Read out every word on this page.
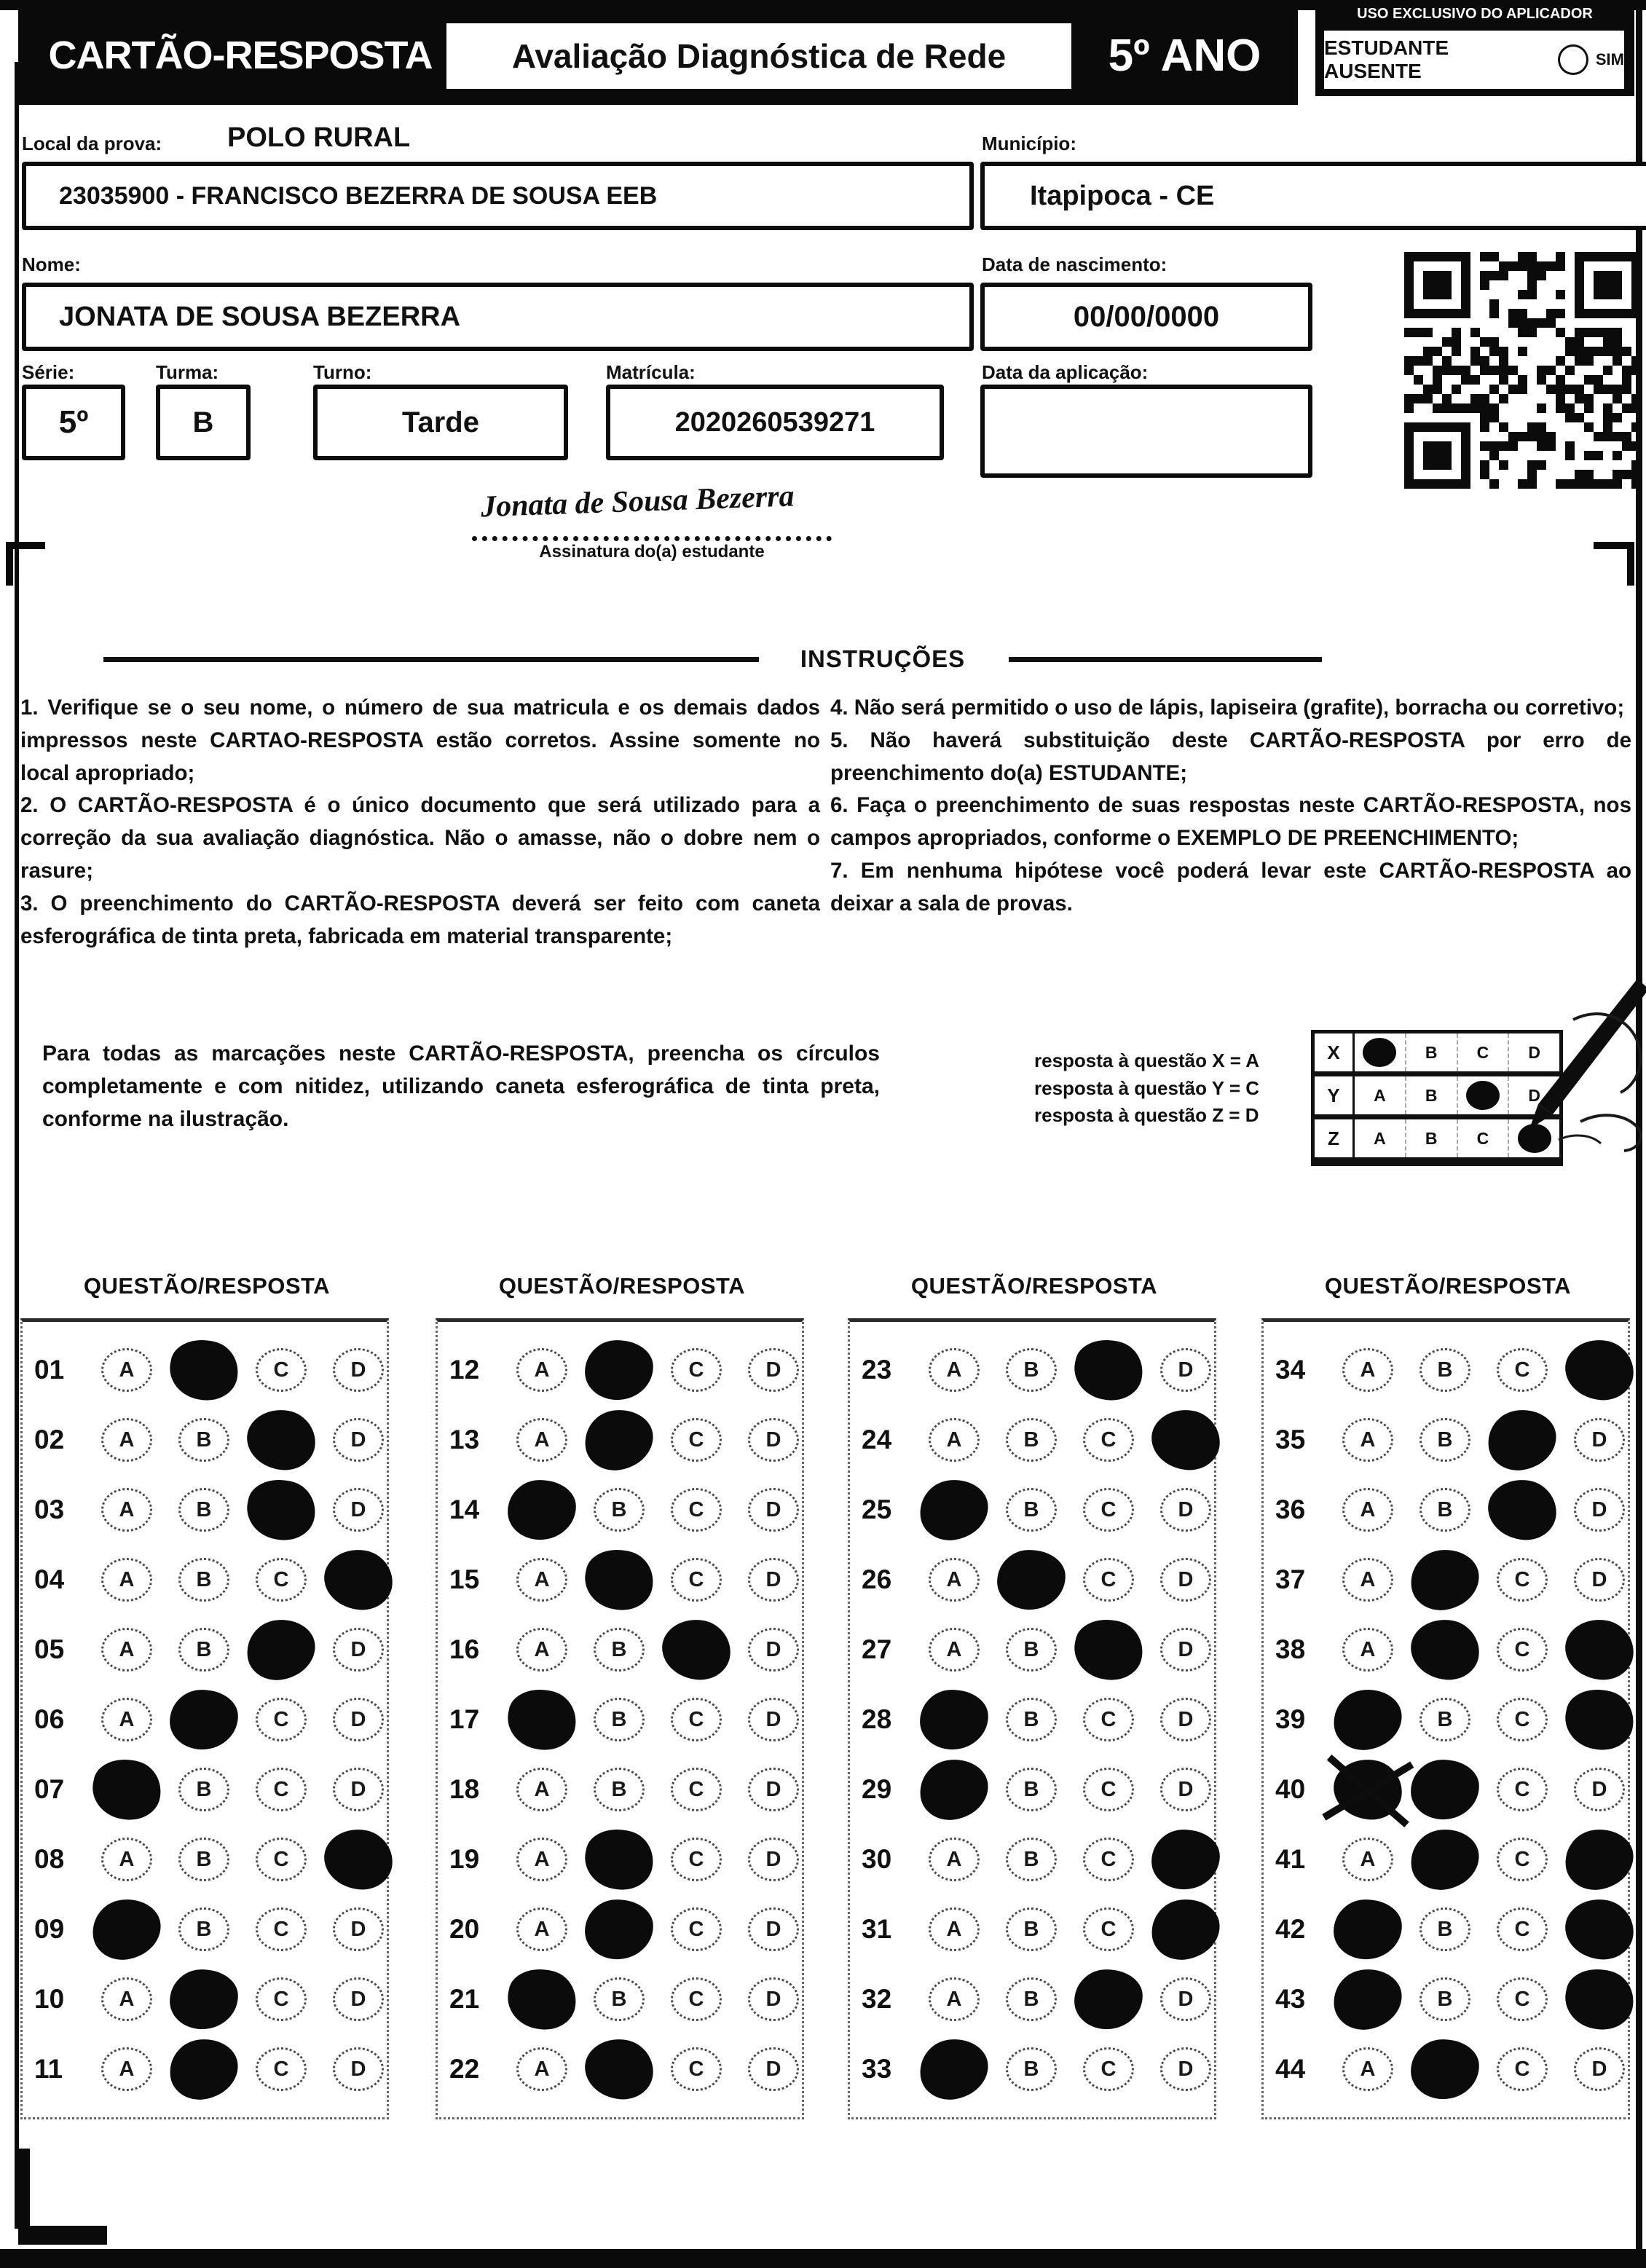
CARTÃO-RESPOSTA	Avaliação Diagnóstica de Rede	5º ANO
USO EXCLUSIVO DO APLICADOR
ESTUDANTE AUSENTE
SIM
Local da prova: POLO RURAL
23035900 - FRANCISCO BEZERRA DE SOUSA EEB
Município:
Itapipoca - CE
Nome:
JONATA DE SOUSA BEZERRA
Data de nascimento:
00/00/0000
Série:
5º
Turma:
B
Turno:
Tarde
Matrícula:
2020260539271
Data da aplicação:
Jonata de Sousa Bezerra
Assinatura do(a) estudante
INSTRUÇÕES

1. Verifique se o seu nome, o número de sua matricula e os demais dados impressos neste CARTAO-RESPOSTA estão corretos. Assine somente no local apropriado;

2. O CARTÃO-RESPOSTA é o único documento que será utilizado para a correção da sua avaliação diagnóstica. Não o amasse, não o dobre nem o rasure;

3. O preenchimento do CARTÃO-RESPOSTA deverá ser feito com caneta esferográfica de tinta preta, fabricada em material transparente;

4. Não será permitido o uso de lápis, lapiseira (grafite), borracha ou corretivo;

5. Não haverá substituição deste CARTÃO-RESPOSTA por erro de preenchimento do(a) ESTUDANTE;

6. Faça o preenchimento de suas respostas neste CARTÃO-RESPOSTA, nos campos apropriados, conforme o EXEMPLO DE PREENCHIMENTO;

7. Em nenhuma hipótese você poderá levar este CARTÃO-RESPOSTA ao deixar a sala de provas.

Para todas as marcações neste CARTÃO-RESPOSTA, preencha os círculos completamente e com nitidez, utilizando caneta esferográfica de tinta preta, conforme na ilustração.
resposta à questão X = A
resposta à questão Y = C
resposta à questão Z = D
X	B	C	D
Y	A	B	D
Z	A	B	C
QUESTÃO/RESPOSTA
01	A	C	D
02	A	B	D
03	A	B	D
04	A	B	C
05	A	B	D
06	A	C	D
07	B	C	D
08	A	B	C
09	B	C	D
10	A	C	D
11	A	C	D
QUESTÃO/RESPOSTA
12	A	C	D
13	A	C	D
14	B	C	D
15	A	C	D
16	A	B	D
17	B	C	D
18	A	B	C	D
19	A	C	D
20	A	C	D
21	B	C	D
22	A	C	D
QUESTÃO/RESPOSTA
23	A	B	D
24	A	B	C
25	B	C	D
26	A	C	D
27	A	B	D
28	B	C	D
29	B	C	D
30	A	B	C
31	A	B	C
32	A	B	D
33	B	C	D
QUESTÃO/RESPOSTA
34	A	B	C
35	A	B	D
36	A	B	D
37	A	C	D
38	A	C
39	B	C
40	C	D
41	A	C
42	B	C
43	B	C
44	A	C	D
